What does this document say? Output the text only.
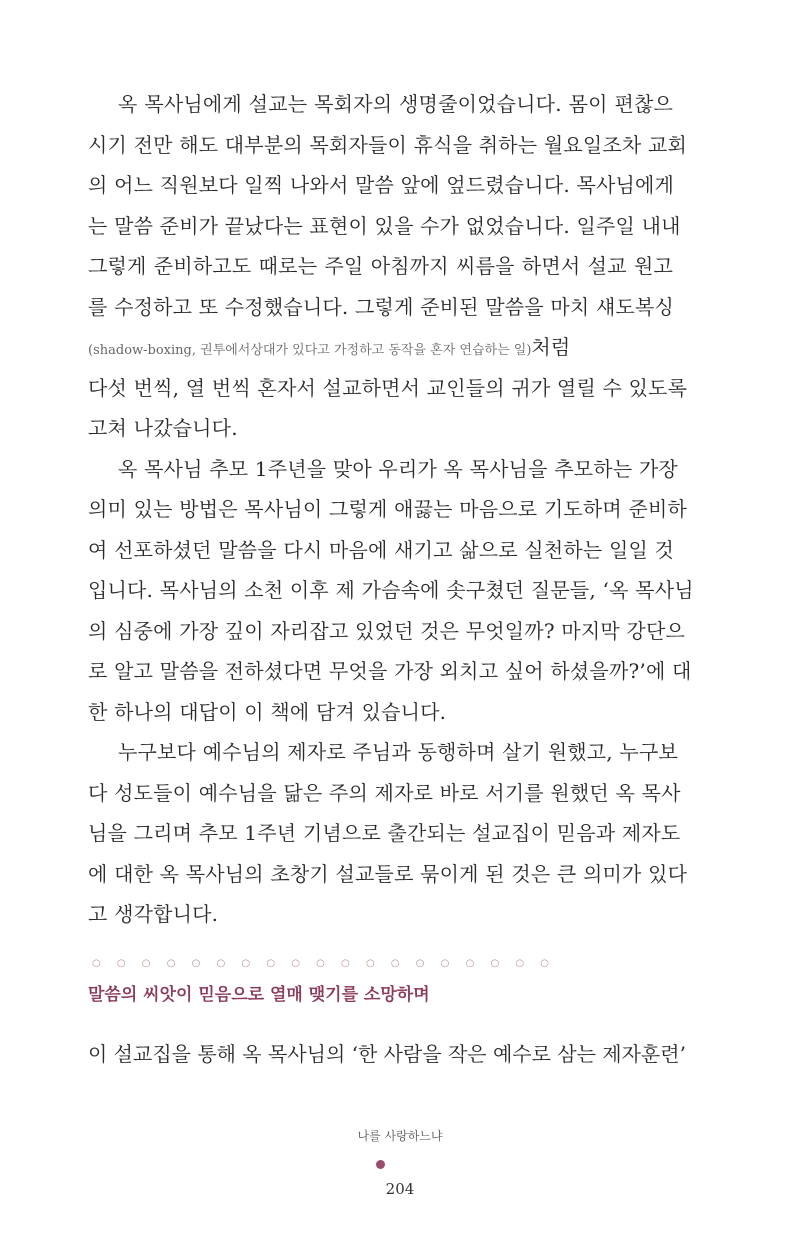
옥 목사님에게 설교는 목회자의 생명줄이었습니다. 몸이 편찮으
시기 전만 해도 대부분의 목회자들이 휴식을 취하는 월요일조차 교회
의 어느 직원보다 일찍 나와서 말씀 앞에 엎드렸습니다. 목사님에게
는 말씀 준비가 끝났다는 표현이 있을 수가 없었습니다. 일주일 내내
그렇게 준비하고도 때로는 주일 아침까지 씨름을 하면서 설교 원고
를 수정하고 또 수정했습니다. 그렇게 준비된 말씀을 마치 섀도복싱
(shadow-boxing, 권투에서상대가 있다고 가정하고 동작을 혼자 연습하는 일)처럼
다섯 번씩, 열 번씩 혼자서 설교하면서 교인들의 귀가 열릴 수 있도록
고쳐 나갔습니다.
옥 목사님 추모 1주년을 맞아 우리가 옥 목사님을 추모하는 가장
의미 있는 방법은 목사님이 그렇게 애끓는 마음으로 기도하며 준비하
여 선포하셨던 말씀을 다시 마음에 새기고 삶으로 실천하는 일일 것
입니다. 목사님의 소천 이후 제 가슴속에 솟구쳤던 질문들, ‘옥 목사님
의 심중에 가장 깊이 자리잡고 있었던 것은 무엇일까? 마지막 강단으
로 알고 말씀을 전하셨다면 무엇을 가장 외치고 싶어 하셨을까?’에 대
한 하나의 대답이 이 책에 담겨 있습니다.
누구보다 예수님의 제자로 주님과 동행하며 살기 원했고, 누구보
다 성도들이 예수님을 닮은 주의 제자로 바로 서기를 원했던 옥 목사
님을 그리며 추모 1주년 기념으로 출간되는 설교집이 믿음과 제자도
에 대한 옥 목사님의 초창기 설교들로 묶이게 된 것은 큰 의미가 있다
고 생각합니다.
○ ○ ○ ○ ○ ○ ○ ○ ○ ○ ○ ○ ○ ○ ○ ○ ○ ○ ○
말씀의 씨앗이 믿음으로 열매 맺기를 소망하며
이 설교집을 통해 옥 목사님의 ‘한 사람을 작은 예수로 삼는 제자훈련’
나를 사랑하느냐
204
